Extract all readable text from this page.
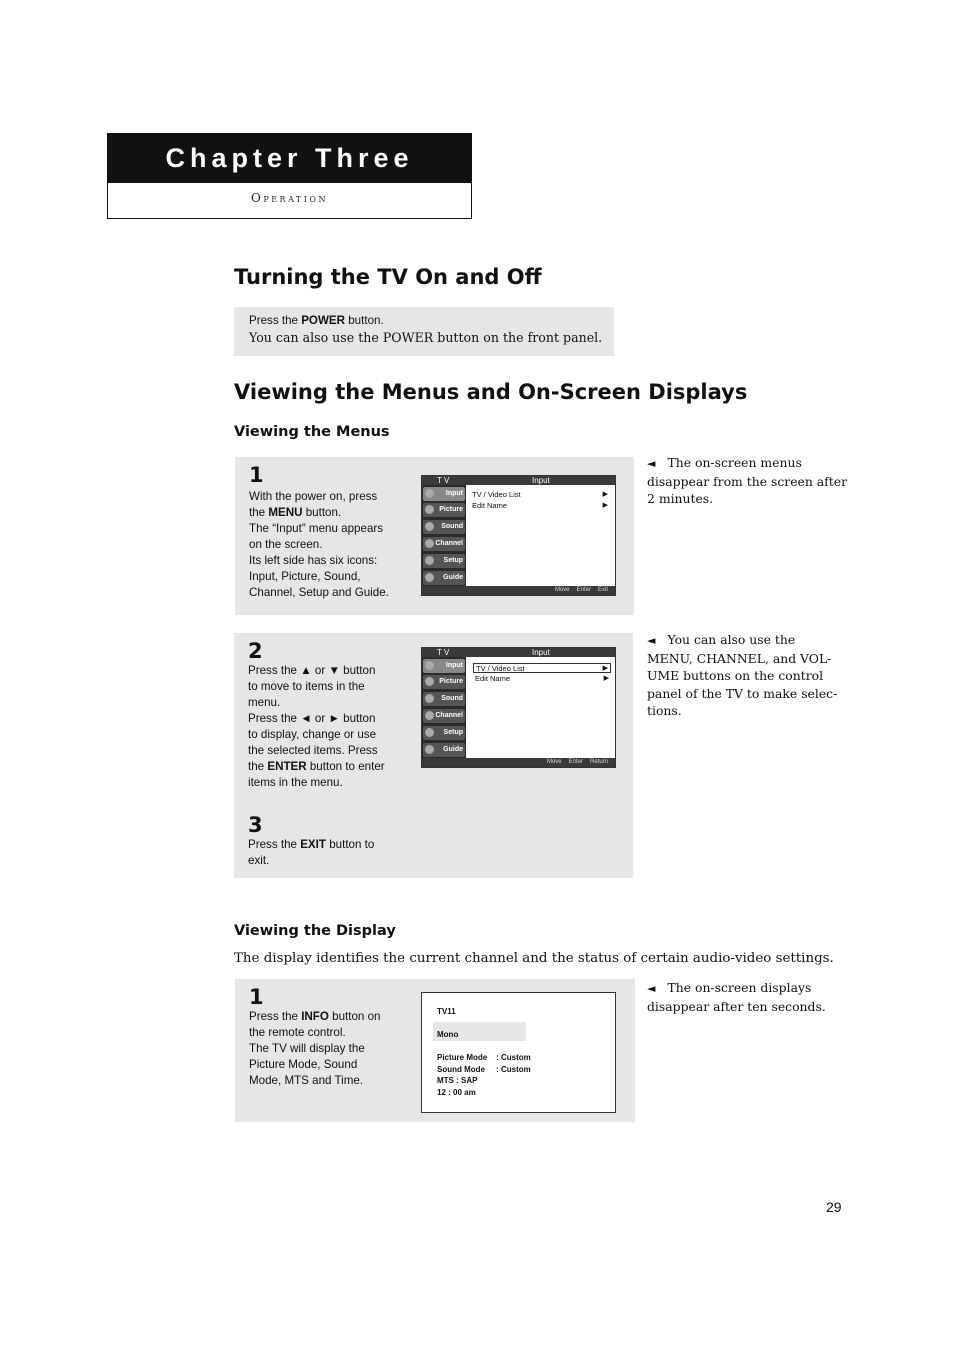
Chapter Three
Operation
Turning the TV On and Off
Press the POWER button.
You can also use the POWER button on the front panel.
Viewing the Menus and On-Screen Displays
Viewing the Menus
1
With the power on, press
the MENU button.
The “Input” menu appears
on the screen.
Its left side has six icons:
Input, Picture, Sound,
Channel, Setup and Guide.
T V	Input
Input
Picture
Sound
Channel
Setup
Guide
TV / Video List	▶
Edit Name	▶
Move Enter Exit
◄ The on-screen menus
disappear from the screen after
2 minutes.
2
Press the ▲ or ▼ button
to move to items in the
menu.
Press the ◄ or ► button
to display, change or use
the selected items. Press
the ENTER button to enter
items in the menu.
3
Press the EXIT button to
exit.
T V	Input
Input
Picture
Sound
Channel
Setup
Guide
TV / Video List	▶
Edit Name	▶
Move Enter Return
◄ You can also use the
MENU, CHANNEL, and VOL-
UME buttons on the control
panel of the TV to make selec-
tions.
Viewing the Display
The display identifies the current channel and the status of certain audio-video settings.
1
Press the INFO button on
the remote control.
The TV will display the
Picture Mode, Sound
Mode, MTS and Time.
TV11
Mono
Picture Mode    : Custom
Sound Mode     : Custom
MTS : SAP
12 : 00 am
◄ The on-screen displays
disappear after ten seconds.
29
